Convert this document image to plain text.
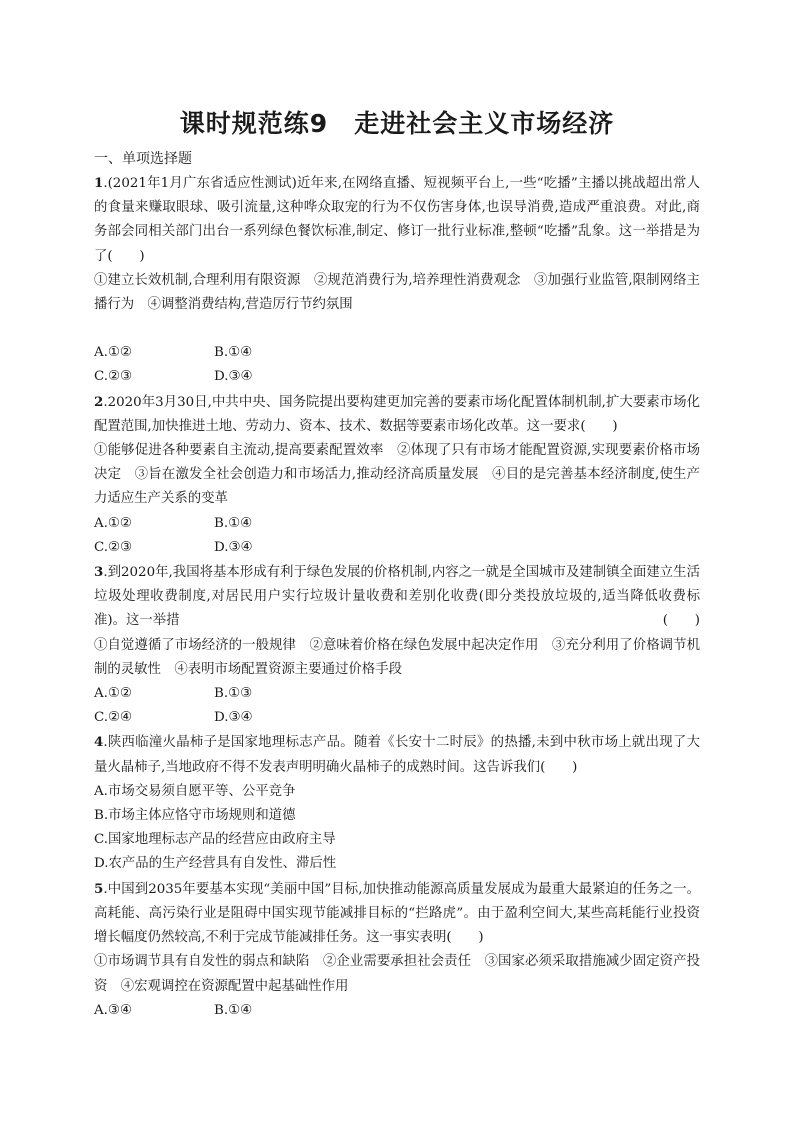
课时规范练9　走进社会主义市场经济
一、单项选择题
1.(2021年1月广东省适应性测试)近年来,在网络直播、短视频平台上,一些“吃播”主播以挑战超出常人的食量来赚取眼球、吸引流量,这种哗众取宠的行为不仅伤害身体,也误导消费,造成严重浪费。对此,商务部会同相关部门出台一系列绿色餐饮标准,制定、修订一批行业标准,整顿“吃播”乱象。这一举措是为了(　　)
①建立长效机制,合理利用有限资源　②规范消费行为,培养理性消费观念　③加强行业监管,限制网络主播行为　④调整消费结构,营造厉行节约氛围
A.①②	B.①④
C.②③	D.③④
2.2020年3月30日,中共中央、国务院提出要构建更加完善的要素市场化配置体制机制,扩大要素市场化配置范围,加快推进土地、劳动力、资本、技术、数据等要素市场化改革。这一要求(　　)
①能够促进各种要素自主流动,提高要素配置效率　②体现了只有市场才能配置资源,实现要素价格市场决定　③旨在激发全社会创造力和市场活力,推动经济高质量发展　④目的是完善基本经济制度,使生产力适应生产关系的变革
A.①②	B.①④
C.②③	D.③④
3.到2020年,我国将基本形成有利于绿色发展的价格机制,内容之一就是全国城市及建制镇全面建立生活垃圾处理收费制度,对居民用户实行垃圾计量收费和差别化收费(即分类投放垃圾的,适当降低收费标准)。这一举措	(　　)
①自觉遵循了市场经济的一般规律　②意味着价格在绿色发展中起决定作用　③充分利用了价格调节机制的灵敏性　④表明市场配置资源主要通过价格手段
A.①②	B.①③
C.②④	D.③④
4.陕西临潼火晶柿子是国家地理标志产品。随着《长安十二时辰》的热播,未到中秋市场上就出现了大量火晶柿子,当地政府不得不发表声明明确火晶柿子的成熟时间。这告诉我们(　　)
A.市场交易须自愿平等、公平竞争
B.市场主体应恪守市场规则和道德
C.国家地理标志产品的经营应由政府主导
D.农产品的生产经营具有自发性、滞后性
5.中国到2035年要基本实现“美丽中国”目标,加快推动能源高质量发展成为最重大最紧迫的任务之一。高耗能、高污染行业是阻碍中国实现节能减排目标的“拦路虎”。由于盈利空间大,某些高耗能行业投资增长幅度仍然较高,不利于完成节能减排任务。这一事实表明(　　)
①市场调节具有自发性的弱点和缺陷　②企业需要承担社会责任　③国家必须采取措施减少固定资产投资　④宏观调控在资源配置中起基础性作用
A.③④	B.①④
